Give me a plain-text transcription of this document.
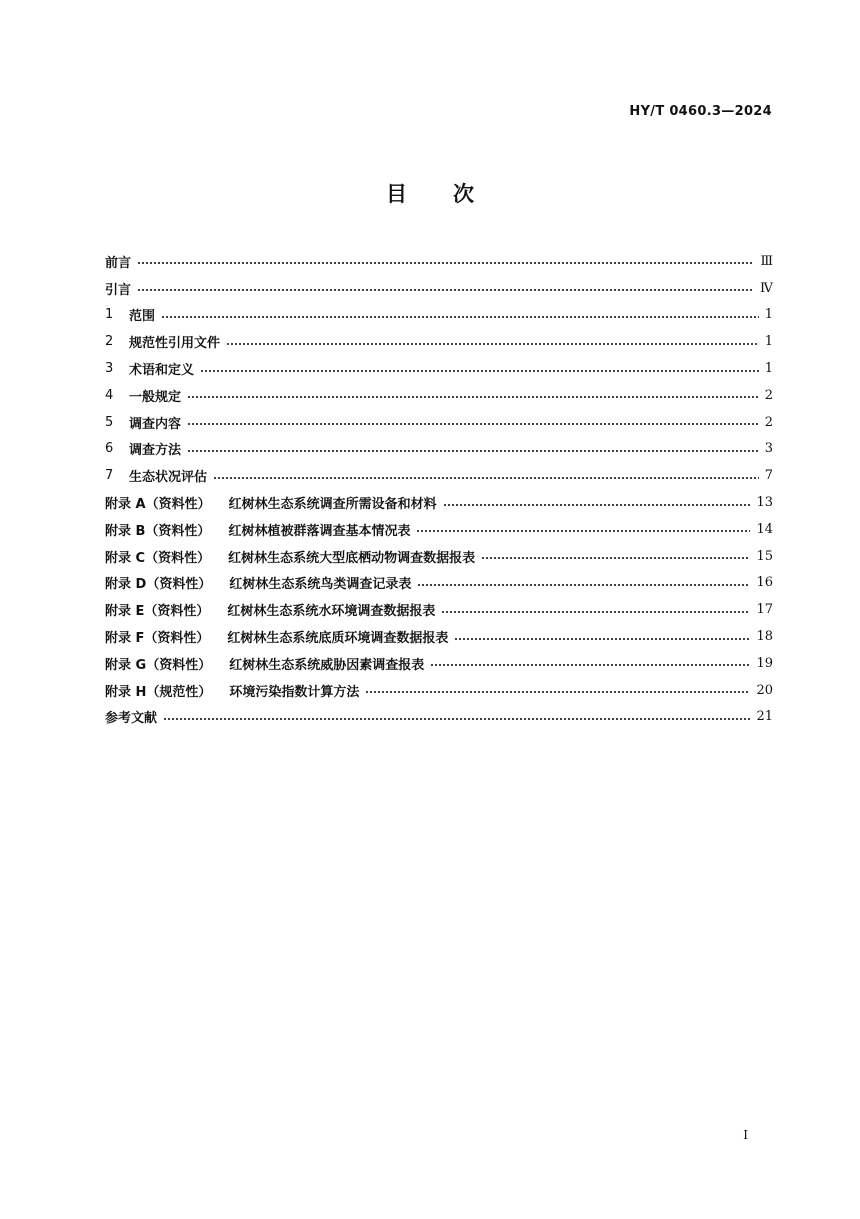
HY/T 0460.3—2024
目次
前言	Ⅲ
引言	Ⅳ
1	范围	1
2	规范性引用文件	1
3	术语和定义	1
4	一般规定	2
5	调查内容	2
6	调查方法	3
7	生态状况评估	7
附录 A（资料性） 红树林生态系统调查所需设备和材料	13
附录 B（资料性） 红树林植被群落调查基本情况表	14
附录 C（资料性） 红树林生态系统大型底栖动物调查数据报表	15
附录 D（资料性） 红树林生态系统鸟类调查记录表	16
附录 E（资料性） 红树林生态系统水环境调查数据报表	17
附录 F（资料性） 红树林生态系统底质环境调查数据报表	18
附录 G（资料性） 红树林生态系统威胁因素调查报表	19
附录 H（规范性） 环境污染指数计算方法	20
参考文献	21
Ⅰ
